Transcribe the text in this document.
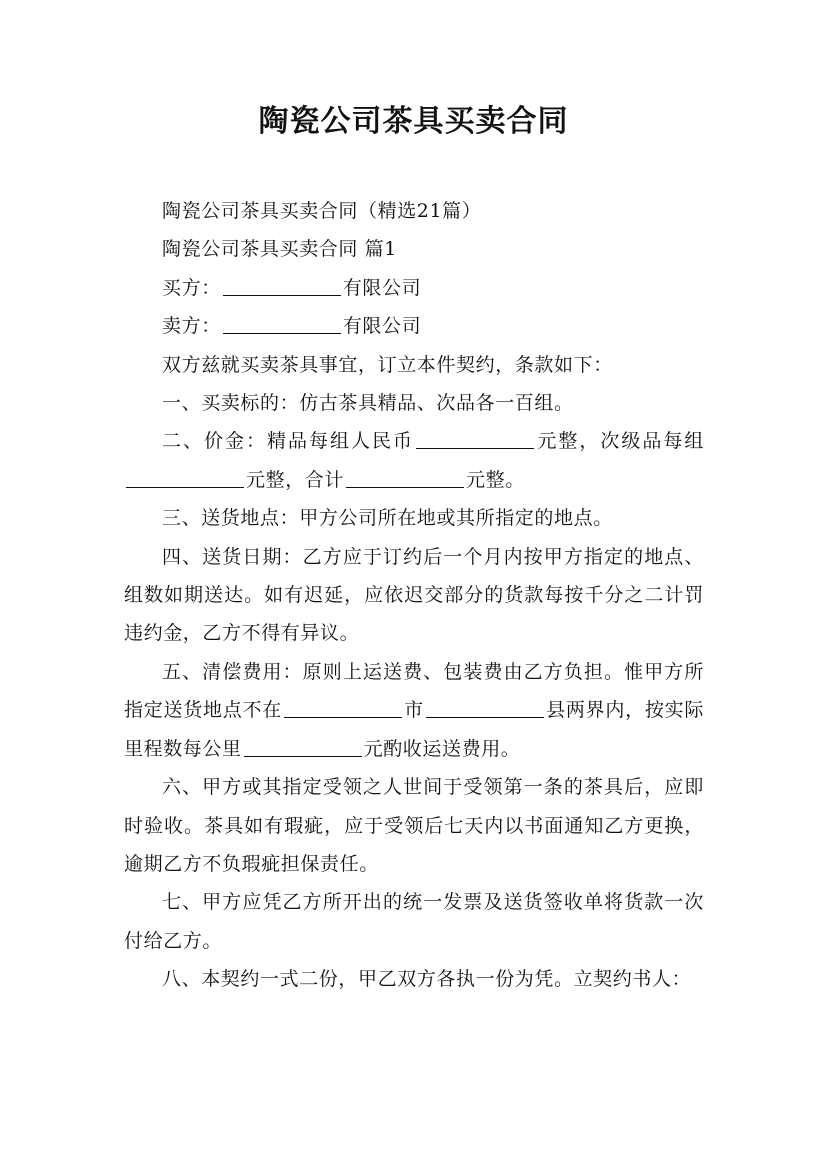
陶瓷公司茶具买卖合同

陶瓷公司茶具买卖合同（精选21篇）

陶瓷公司茶具买卖合同 篇1

买方：	有限公司

卖方：	有限公司

双方兹就买卖茶具事宜，订立本件契约，条款如下：

一、买卖标的：仿古茶具精品、次品各一百组。

二、价金：精品每组人民币	元整，次级品每组元整，合计	元整。

三、送货地点：甲方公司所在地或其所指定的地点。

四、送货日期：乙方应于订约后一个月内按甲方指定的地点、组数如期送达。如有迟延，应依迟交部分的货款每按千分之二计罚违约金，乙方不得有异议。

五、清偿费用：原则上运送费、包装费由乙方负担。惟甲方所指定送货地点不在	市	县两界内，按实际里程数每公里	元酌收运送费用。

六、甲方或其指定受领之人世间于受领第一条的茶具后，应即时验收。茶具如有瑕疵，应于受领后七天内以书面通知乙方更换，逾期乙方不负瑕疵担保责任。

七、甲方应凭乙方所开出的统一发票及送货签收单将货款一次付给乙方。

八、本契约一式二份，甲乙双方各执一份为凭。立契约书人：
